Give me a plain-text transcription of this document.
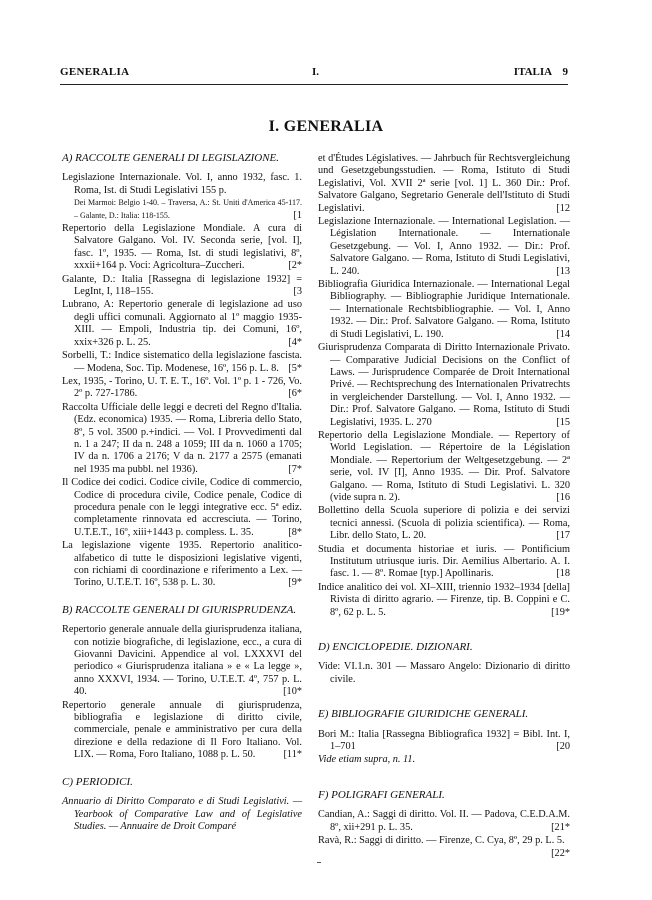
GENERALIA	I.	ITALIA    9
I. GENERALIA
A) RACCOLTE GENERALI DI LEGISLAZIONE.
Legislazione Internazionale. Vol. I, anno 1932, fasc. 1. Roma, Ist. di Studi Legislativi 155 p.
Dei Marmoi: Belgio 1-40. – Traversa, A.: St. Uniti d'America 45-117. – Galante, D.: Italia: 118-155.	[1
Repertorio della Legislazione Mondiale. A cura di Salvatore Galgano. Vol. IV. Seconda serie, [vol. I], fasc. 1º, 1935. — Roma, Ist. di studi legislativi, 8º, xxxii+164 p. Voci: Agricoltura–Zuccheri.	[2*
Galante, D.: Italia [Rassegna di legislazione 1932] = LegInt, I, 118–155.	[3
Lubrano, A: Repertorio generale di legislazione ad uso degli uffici comunali. Aggiornato al 1º maggio 1935-XIII. — Empoli, Industria tip. dei Comuni, 16º, xxix+326 p. L. 25.	[4*
Sorbelli, T.: Indice sistematico della legislazione fascista. — Modena, Soc. Tip. Modenese, 16º, 156 p. L. 8. [5*
Lex, 1935, - Torino, U. T. E. T., 16º. Vol. 1º p. 1 - 726, Vo. 2º p. 727-1786.	[6*
Raccolta Ufficiale delle leggi e decreti del Regno d'Italia. (Edz. economica) 1935. — Roma, Libreria dello Stato, 8º, 5 vol. 3500 p.+indici. — Vol. I Provvedimenti dal n. 1 a 247; II da n. 248 a 1059; III da n. 1060 a 1705; IV da n. 1706 a 2176; V da n. 2177 a 2575 (emanati nel 1935 ma pubbl. nel 1936).	[7*
Il Codice dei codici. Codice civile, Codice di commercio, Codice di procedura civile, Codice penale, Codice di procedura penale con le leggi integrative ecc. 5ª ediz. completamente rinnovata ed accresciuta. — Torino, U.T.E.T., 16º, xiii+1443 p. compless. L. 35.	[8*
La legislazione vigente 1935. Repertorio analitico-alfabetico di tutte le disposizioni legislative vigenti, con richiami di coordinazione e riferimento a Lex. — Torino, U.T.E.T. 16º, 538 p. L. 30.	[9*
B) RACCOLTE GENERALI DI GIURISPRUDENZA.
Repertorio generale annuale della giurisprudenza italiana, con notizie biografiche, di legislazione, ecc., a cura di Giovanni Davicini. Appendice al vol. LXXXVI del periodico « Giurisprudenza italiana » e « La legge », anno XXXVI, 1934. — Torino, U.T.E.T. 4º, 757 p. L. 40.	[10*
Repertorio generale annuale di giurisprudenza, bibliografia e legislazione di diritto civile, commerciale, penale e amministrativo per cura della direzione e della redazione di Il Foro Italiano. Vol. LIX. — Roma, Foro Italiano, 1088 p. L. 50.	[11*
C) PERIODICI.
Annuario di Diritto Comparato e di Studi Legislativi. — Yearbook of Comparative Law and of Legislative Studies. — Annuaire de Droit Comparé
et d'Études Législatives. — Jahrbuch für Rechtsvergleichung und Gesetzgebungsstudien. — Roma, Istituto di Studi Legislativi, Vol. XVII 2ª serie [vol. 1] L. 360 Dir.: Prof. Salvatore Galgano, Segretario Generale dell'Istituto di Studi Legislativi.	[12
Legislazione Internazionale. — International Legislation. — Législation Internationale. — Internationale Gesetzgebung. — Vol. I, Anno 1932. — Dir.: Prof. Salvatore Galgano. — Roma, Istituto di Studi Legislativi, L. 240.	[13
Bibliografia Giuridica Internazionale. — International Legal Bibliography. — Bibliographie Juridique Internationale. — Internationale Rechtsbibliographie. — Vol. I, Anno 1932. — Dir.: Prof. Salvatore Galgano. — Roma, Istituto di Studi Legislativi, L. 190.	[14
Giurisprudenza Comparata di Diritto Internazionale Privato. — Comparative Judicial Decisions on the Conflict of Laws. — Jurisprudence Comparée de Droit International Privé. — Rechtsprechung des Internationalen Privatrechts in vergleichender Darstellung. — Vol. I, Anno 1932. — Dir.: Prof. Salvatore Galgano. — Roma, Istituto di Studi Legislativi, 1935. L. 270	[15
Repertorio della Legislazione Mondiale. — Repertory of World Legislation. — Répertoire de la Législation Mondiale. — Repertorium der Weltgesetzgebung. — 2ª serie, vol. IV [I], Anno 1935. — Dir. Prof. Salvatore Galgano. — Roma, Istituto di Studi Legislativi. L. 320 (vide supra n. 2).	[16
Bollettino della Scuola superiore di polizia e dei servizi tecnici annessi. (Scuola di polizia scientifica). — Roma, Libr. dello Stato, L. 20.	[17
Studia et documenta historiae et iuris. — Pontificium Institutum utriusque iuris. Dir. Aemilius Albertario. A. I. fasc. 1. — 8º. Romae [typ.] Apollinaris.	[18
Indice analitico dei vol. XI–XIII, triennio 1932–1934 [della] Rivista di diritto agrario. — Firenze, tip. B. Coppini e C. 8º, 62 p. L. 5.	[19*
D) ENCICLOPEDIE. DIZIONARI.
Vide: VI.1.n. 301 — Massaro Angelo: Dizionario di diritto civile.
E) BIBLIOGRAFIE GIURIDICHE GENERALI.
Bori M.: Italia [Rassegna Bibliografica 1932] = Bibl. Int. I, 1–701	[20
Vide etiam supra, n. 11.
F) POLIGRAFI GENERALI.
Candian, A.: Saggi di diritto. Vol. II. — Padova, C.E.D.A.M. 8º, xii+291 p. L. 35.	[21*
Ravà, R.: Saggi di diritto. — Firenze, C. Cya, 8º, 29 p. L. 5.
[22*
